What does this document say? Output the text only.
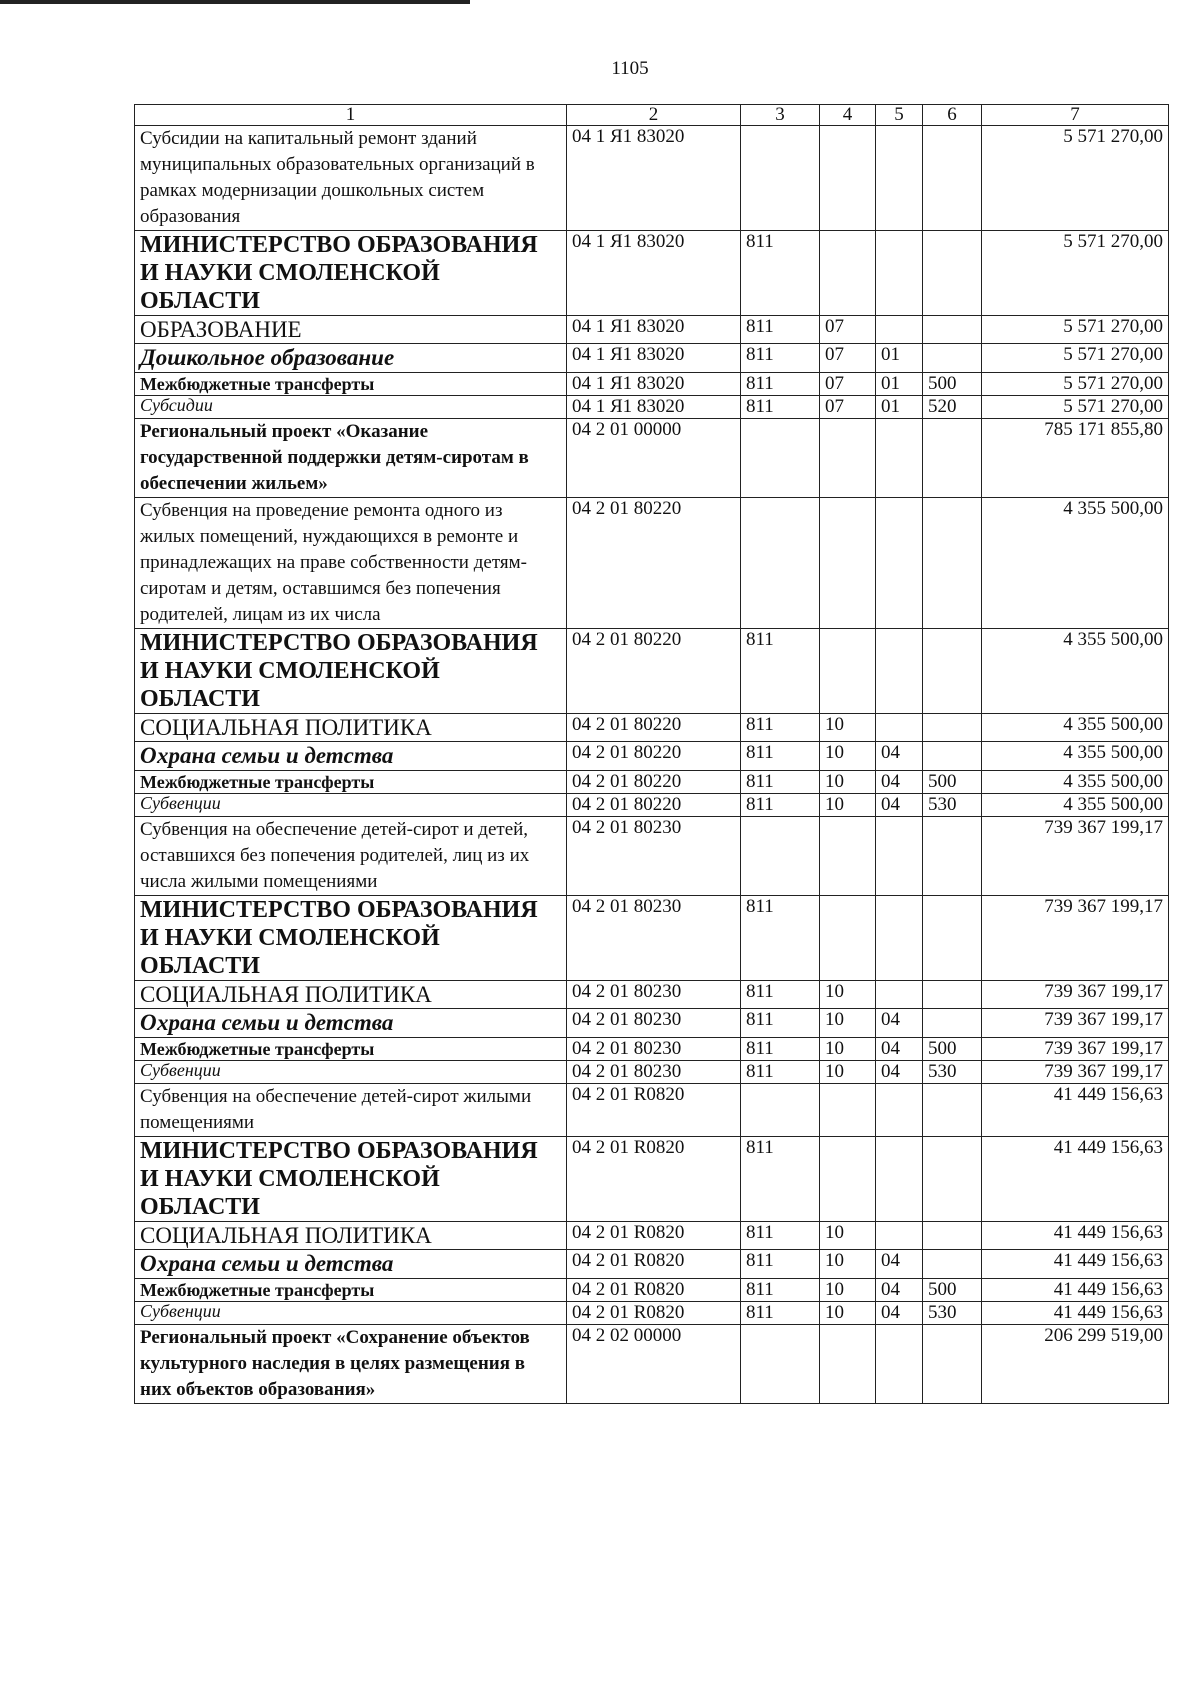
1105
1	2	3	4	5	6	7
Субсидии на капитальный ремонт зданий муниципальных образовательных организаций в рамках модернизации дошкольных систем образования	04 1 Я1 83020					5 571 270,00
МИНИСТЕРСТВО ОБРАЗОВАНИЯ И НАУКИ СМОЛЕНСКОЙ ОБЛАСТИ	04 1 Я1 83020	811				5 571 270,00
ОБРАЗОВАНИЕ	04 1 Я1 83020	811	07			5 571 270,00
Дошкольное образование	04 1 Я1 83020	811	07	01		5 571 270,00
Межбюджетные трансферты	04 1 Я1 83020	811	07	01	500	5 571 270,00
Субсидии	04 1 Я1 83020	811	07	01	520	5 571 270,00
Региональный проект «Оказание государственной поддержки детям-сиротам в обеспечении жильем»	04 2 01 00000					785 171 855,80
Субвенция на проведение ремонта одного из жилых помещений, нуждающихся в ремонте и принадлежащих на праве собственности детям-сиротам и детям, оставшимся без попечения родителей, лицам из их числа	04 2 01 80220					4 355 500,00
МИНИСТЕРСТВО ОБРАЗОВАНИЯ И НАУКИ СМОЛЕНСКОЙ ОБЛАСТИ	04 2 01 80220	811				4 355 500,00
СОЦИАЛЬНАЯ ПОЛИТИКА	04 2 01 80220	811	10			4 355 500,00
Охрана семьи и детства	04 2 01 80220	811	10	04		4 355 500,00
Межбюджетные трансферты	04 2 01 80220	811	10	04	500	4 355 500,00
Субвенции	04 2 01 80220	811	10	04	530	4 355 500,00
Субвенция на обеспечение детей-сирот и детей, оставшихся без попечения родителей, лиц из их числа жилыми помещениями	04 2 01 80230					739 367 199,17
МИНИСТЕРСТВО ОБРАЗОВАНИЯ И НАУКИ СМОЛЕНСКОЙ ОБЛАСТИ	04 2 01 80230	811				739 367 199,17
СОЦИАЛЬНАЯ ПОЛИТИКА	04 2 01 80230	811	10			739 367 199,17
Охрана семьи и детства	04 2 01 80230	811	10	04		739 367 199,17
Межбюджетные трансферты	04 2 01 80230	811	10	04	500	739 367 199,17
Субвенции	04 2 01 80230	811	10	04	530	739 367 199,17
Субвенция на обеспечение детей-сирот жилыми помещениями	04 2 01 R0820					41 449 156,63
МИНИСТЕРСТВО ОБРАЗОВАНИЯ И НАУКИ СМОЛЕНСКОЙ ОБЛАСТИ	04 2 01 R0820	811				41 449 156,63
СОЦИАЛЬНАЯ ПОЛИТИКА	04 2 01 R0820	811	10			41 449 156,63
Охрана семьи и детства	04 2 01 R0820	811	10	04		41 449 156,63
Межбюджетные трансферты	04 2 01 R0820	811	10	04	500	41 449 156,63
Субвенции	04 2 01 R0820	811	10	04	530	41 449 156,63
Региональный проект «Сохранение объектов культурного наследия в целях размещения в них объектов образования»	04 2 02 00000					206 299 519,00
